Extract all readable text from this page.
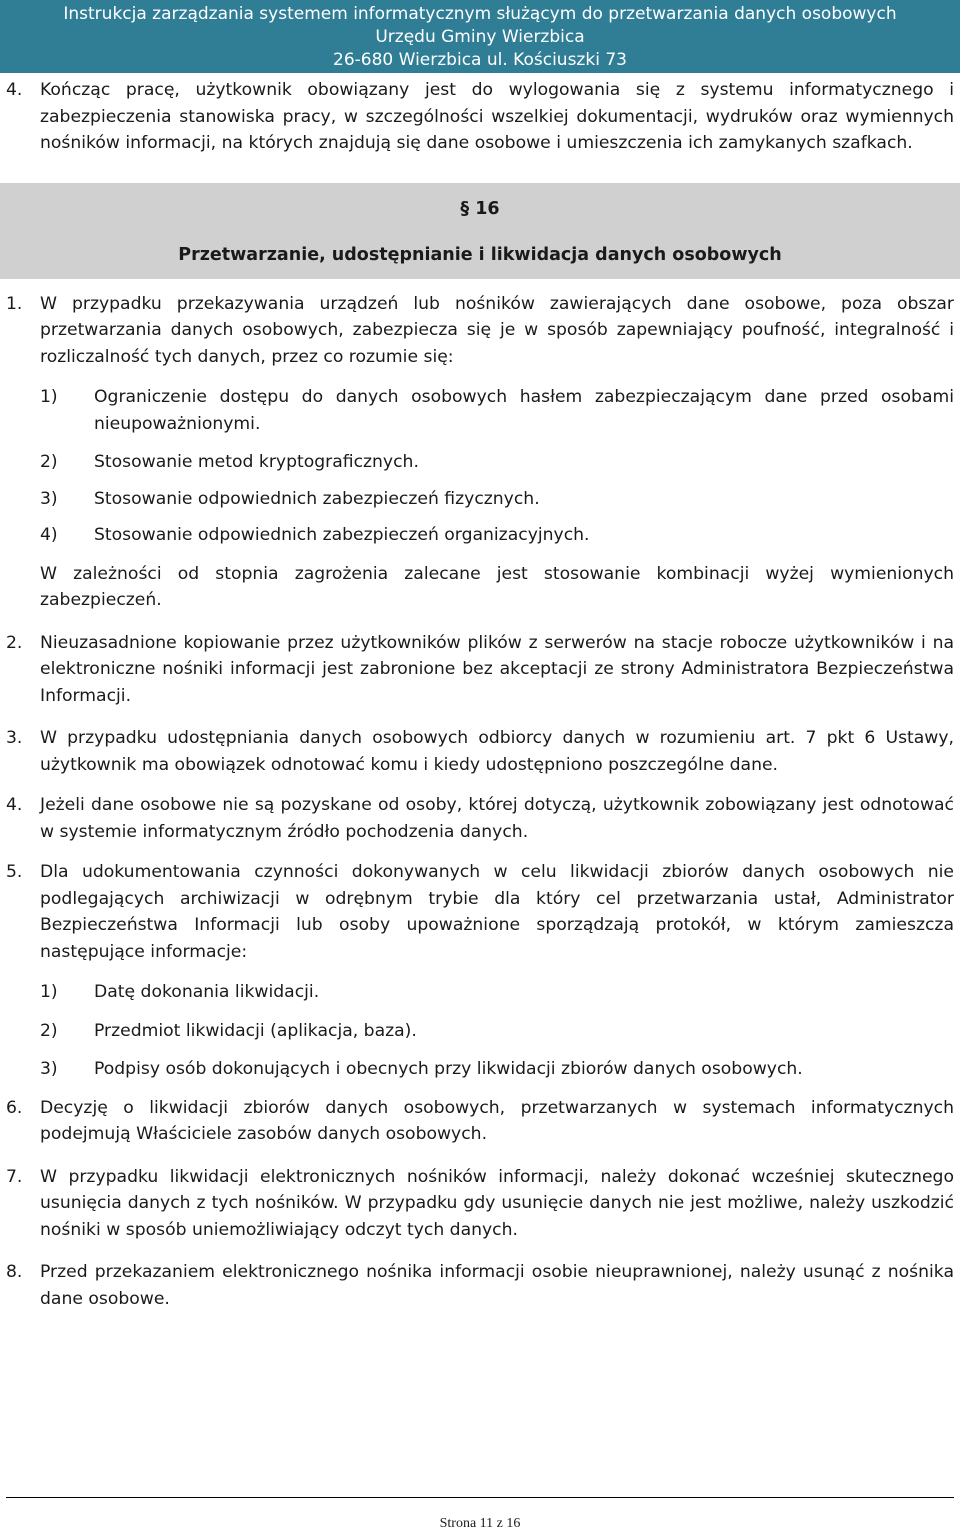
Instrukcja zarządzania systemem informatycznym służącym do przetwarzania danych osobowych
Urzędu Gminy Wierzbica
26-680 Wierzbica ul. Kościuszki 73
4. Kończąc pracę, użytkownik obowiązany jest do wylogowania się z systemu informatycznego i zabezpieczenia stanowiska pracy, w szczególności wszelkiej dokumentacji, wydruków oraz wymiennych nośników informacji, na których znajdują się dane osobowe i umieszczenia ich zamykanych szafkach.
§ 16
Przetwarzanie, udostępnianie i likwidacja danych osobowych
1. W przypadku przekazywania urządzeń lub nośników zawierających dane osobowe, poza obszar przetwarzania danych osobowych, zabezpiecza się je w sposób zapewniający poufność, integralność i rozliczalność tych danych, przez co rozumie się:
1) Ograniczenie dostępu do danych osobowych hasłem zabezpieczającym dane przed osobami nieupoważnionymi.
2) Stosowanie metod kryptograficznych.
3) Stosowanie odpowiednich zabezpieczeń fizycznych.
4) Stosowanie odpowiednich zabezpieczeń organizacyjnych.
W zależności od stopnia zagrożenia zalecane jest stosowanie kombinacji wyżej wymienionych zabezpieczeń.
2. Nieuzasadnione kopiowanie przez użytkowników plików z serwerów na stacje robocze użytkowników i na elektroniczne nośniki informacji jest zabronione bez akceptacji ze strony Administratora Bezpieczeństwa Informacji.
3. W przypadku udostępniania danych osobowych odbiorcy danych w rozumieniu art. 7 pkt 6 Ustawy, użytkownik ma obowiązek odnotować komu i kiedy udostępniono poszczególne dane.
4. Jeżeli dane osobowe nie są pozyskane od osoby, której dotyczą, użytkownik zobowiązany jest odnotować w systemie informatycznym źródło pochodzenia danych.
5. Dla udokumentowania czynności dokonywanych w celu likwidacji zbiorów danych osobowych nie podlegających archiwizacji w odrębnym trybie dla który cel przetwarzania ustał, Administrator Bezpieczeństwa Informacji lub osoby upoważnione sporządzają protokół, w którym zamieszcza następujące informacje:
1) Datę dokonania likwidacji.
2) Przedmiot likwidacji (aplikacja, baza).
3) Podpisy osób dokonujących i obecnych przy likwidacji zbiorów danych osobowych.
6. Decyzję o likwidacji zbiorów danych osobowych, przetwarzanych w systemach informatycznych podejmują Właściciele zasobów danych osobowych.
7. W przypadku likwidacji elektronicznych nośników informacji, należy dokonać wcześniej skutecznego usunięcia danych z tych nośników. W przypadku gdy usunięcie danych nie jest możliwe, należy uszkodzić nośniki w sposób uniemożliwiający odczyt tych danych.
8. Przed przekazaniem elektronicznego nośnika informacji osobie nieuprawnionej, należy usunąć z nośnika dane osobowe.
Strona 11 z 16
